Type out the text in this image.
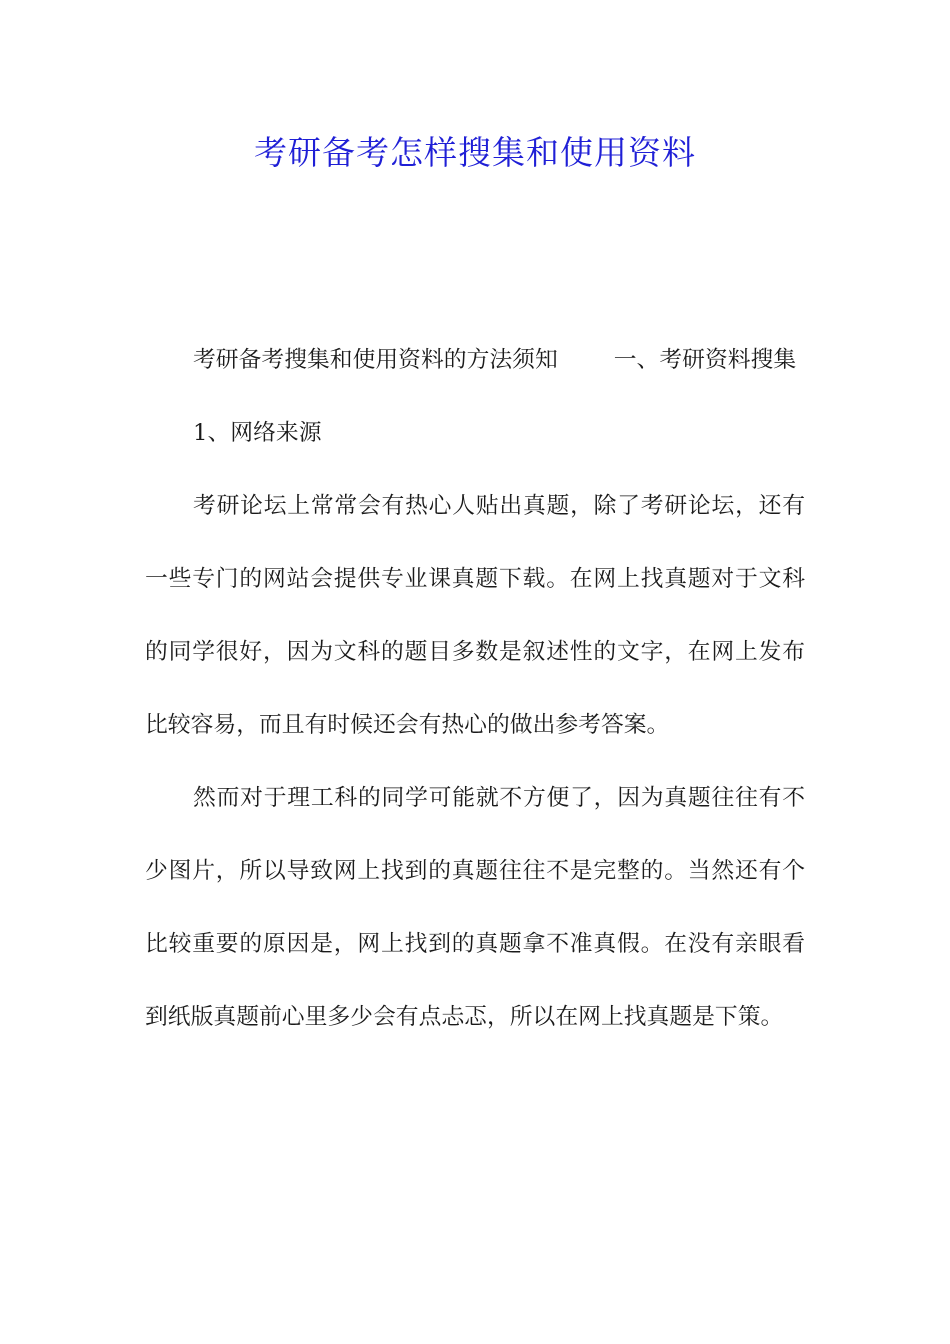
考研备考怎样搜集和使用资料

考研备考搜集和使用资料的方法须知 一、考研资料搜集

1、网络来源

考研论坛上常常会有热心人贴出真题，除了考研论坛，还有一些专门的网站会提供专业课真题下载。在网上找真题对于文科的同学很好，因为文科的题目多数是叙述性的文字，在网上发布比较容易，而且有时候还会有热心的做出参考答案。

然而对于理工科的同学可能就不方便了，因为真题往往有不少图片，所以导致网上找到的真题往往不是完整的。当然还有个比较重要的原因是，网上找到的真题拿不准真假。在没有亲眼看到纸版真题前心里多少会有点忐忑，所以在网上找真题是下策。
